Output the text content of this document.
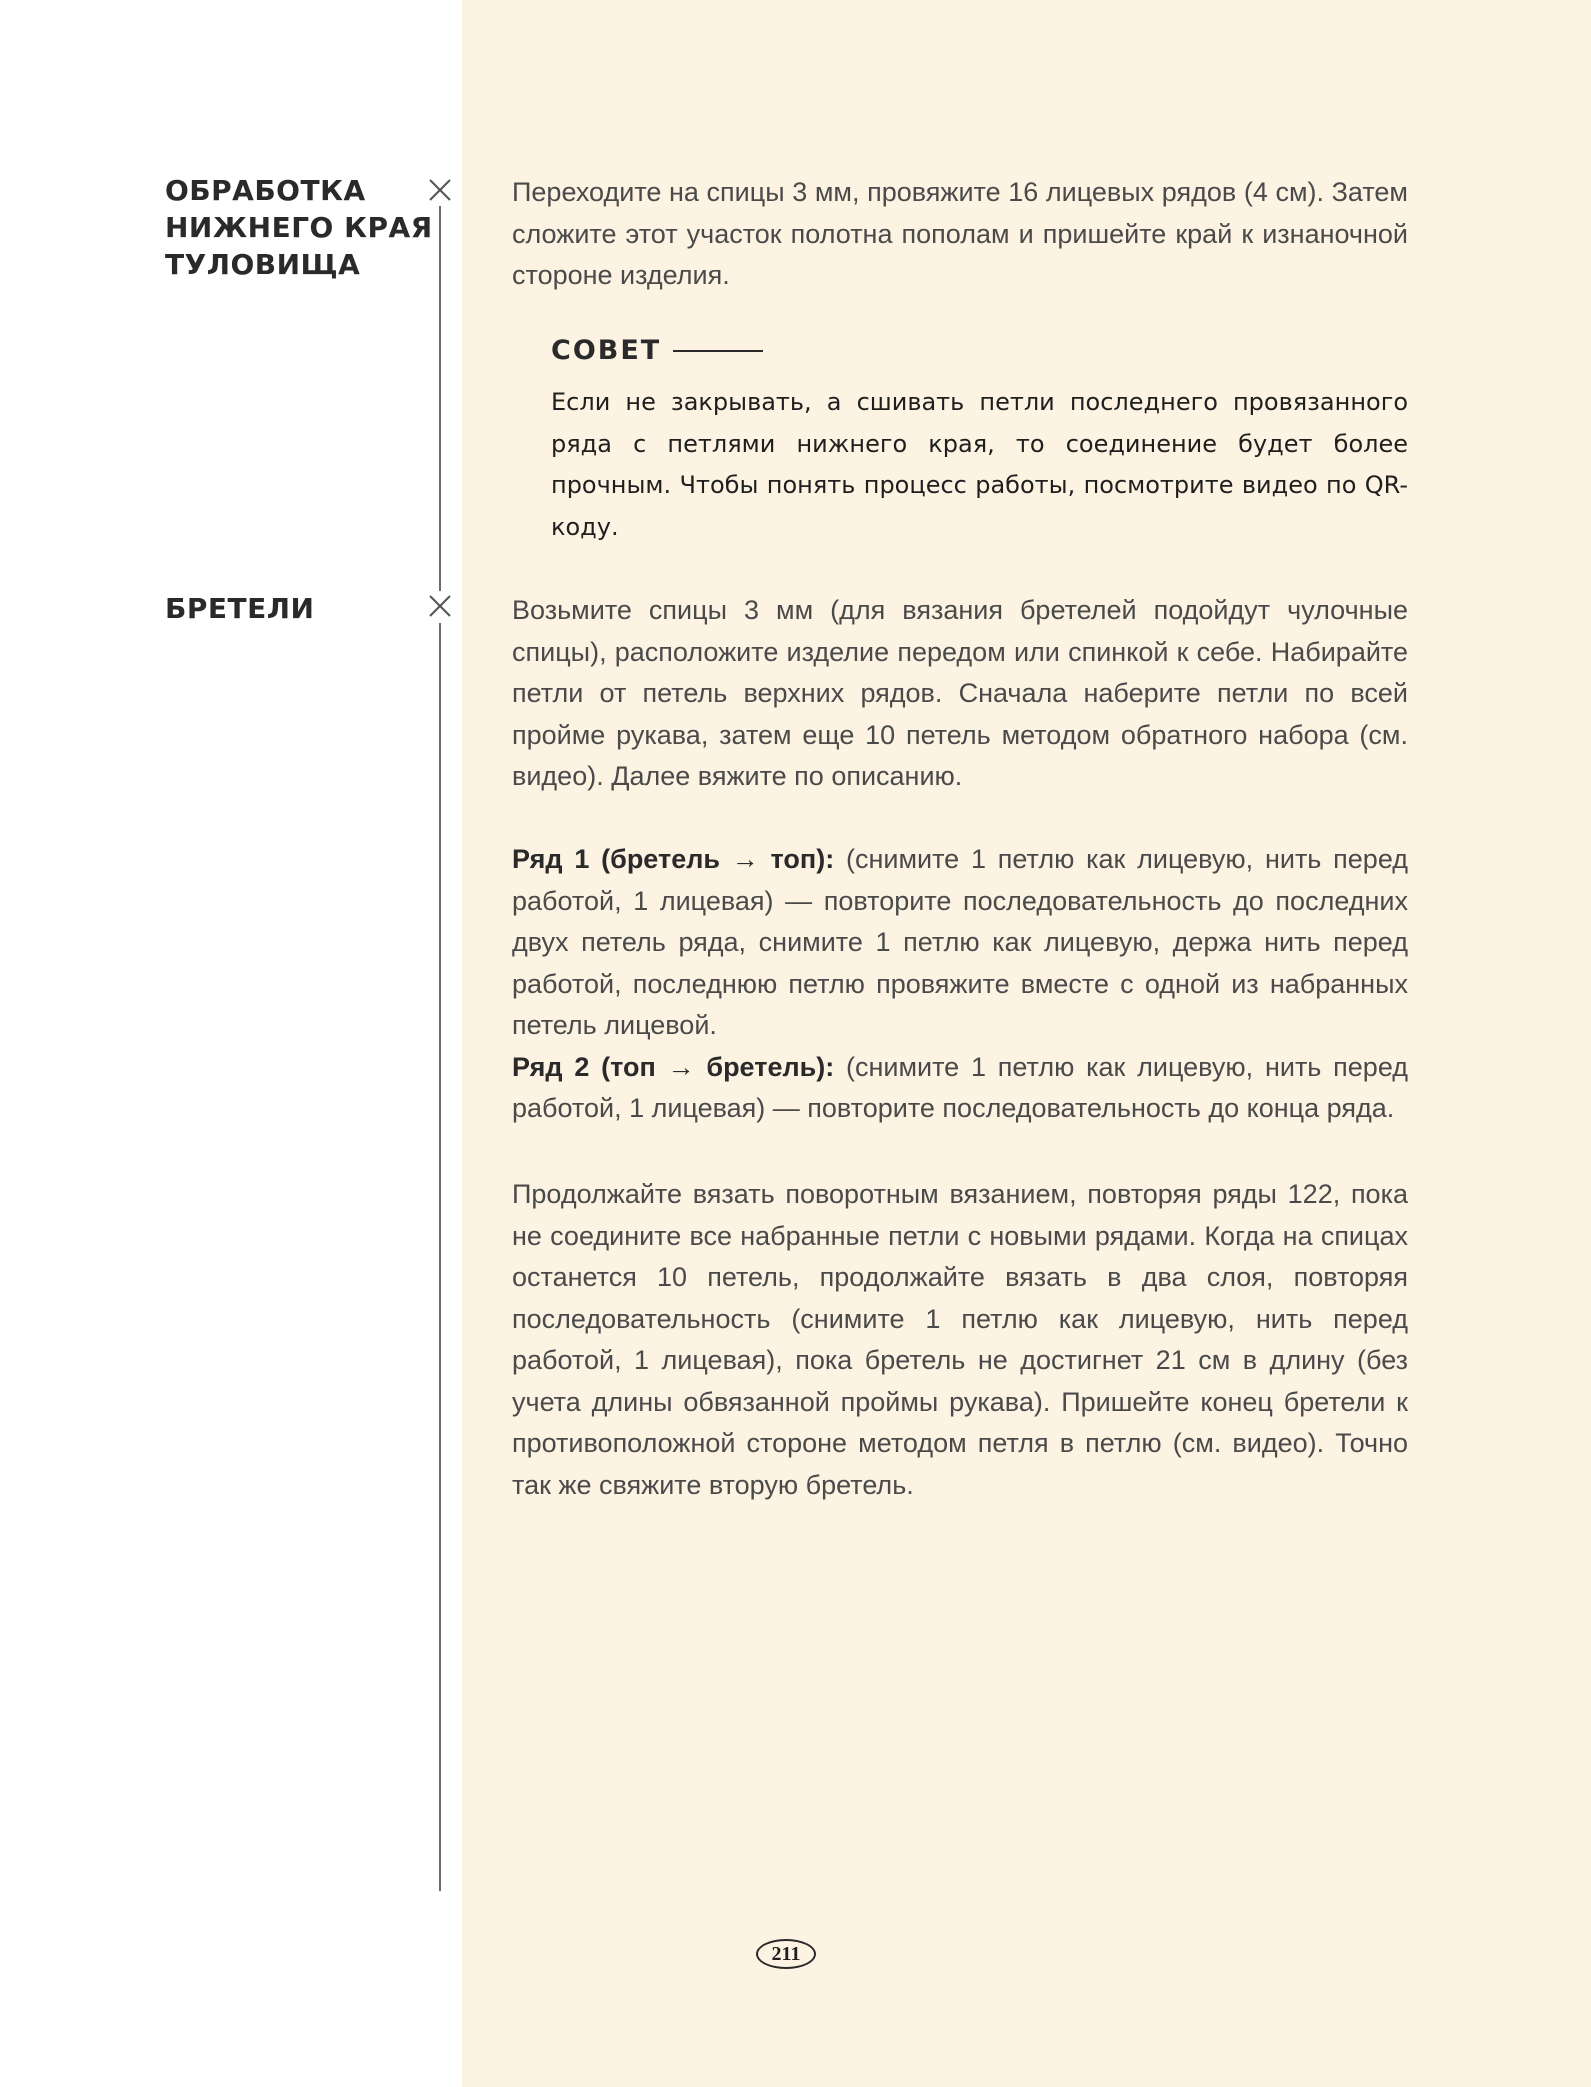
ОБРАБОТКА
НИЖНЕГО КРАЯ
ТУЛОВИЩА
Переходите на спицы 3 мм, провяжите 16 лицевых рядов (4 см). Затем сложите этот участок полотна пополам и пришейте край к изнаночной стороне изделия.
СОВЕТ
Если не закрывать, а сшивать петли последнего провязанного ряда с петлями нижнего края, то соединение будет более прочным. Чтобы понять процесс работы, посмотрите видео по QR-коду.
БРЕТЕЛИ	Возьмите спицы 3 мм (для вязания бретелей подойдут чулочные спицы), расположите изделие передом или спинкой к себе. Набирайте петли от петель верхних рядов. Сначала наберите петли по всей пройме рукава, затем еще 10 петель методом обратного набора (см. видео). Далее вяжите по описанию.
Ряд 1 (бретель → топ): (снимите 1 петлю как лицевую, нить перед работой, 1 лицевая) — повторите последовательность до последних двух петель ряда, снимите 1 петлю как лицевую, держа нить перед работой, последнюю петлю провяжите вместе с одной из набранных петель лицевой.
Ряд 2 (топ → бретель): (снимите 1 петлю как лицевую, нить перед работой, 1 лицевая) — повторите последовательность до конца ряда.
Продолжайте вязать поворотным вязанием, повторяя ряды 122, пока не соедините все набранные петли с новыми рядами. Когда на спицах останется 10 петель, продолжайте вязать в два слоя, повторяя последовательность (снимите 1 петлю как лицевую, нить перед работой, 1 лицевая), пока бретель не достигнет 21 см в длину (без учета длины обвязанной проймы рукава). Пришейте конец бретели к противоположной стороне методом петля в петлю (см. видео). Точно так же свяжите вторую бретель.
211
